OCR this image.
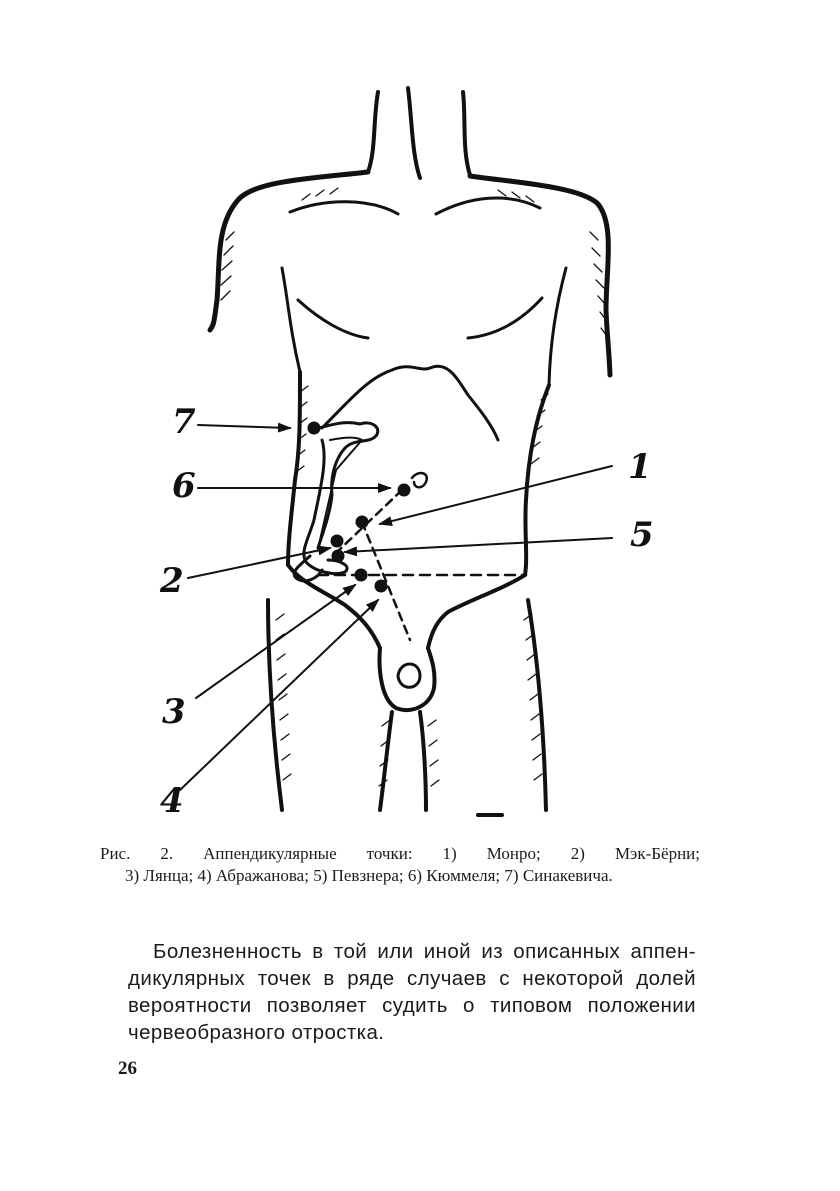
7
6	1
5
2
3
4
Рис. 2. Аппендикулярные точки: 1) Монро; 2) Мэк-Бёрни;
3) Лянца; 4) Абражанова; 5) Певзнера; 6) Кюммеля; 7) Синакевича.
Болезненность в той или иной из описанных аппен-
дикулярных точек в ряде случаев с некоторой долей
вероятности позволяет судить о типовом положении
червеобразного отростка.
26
